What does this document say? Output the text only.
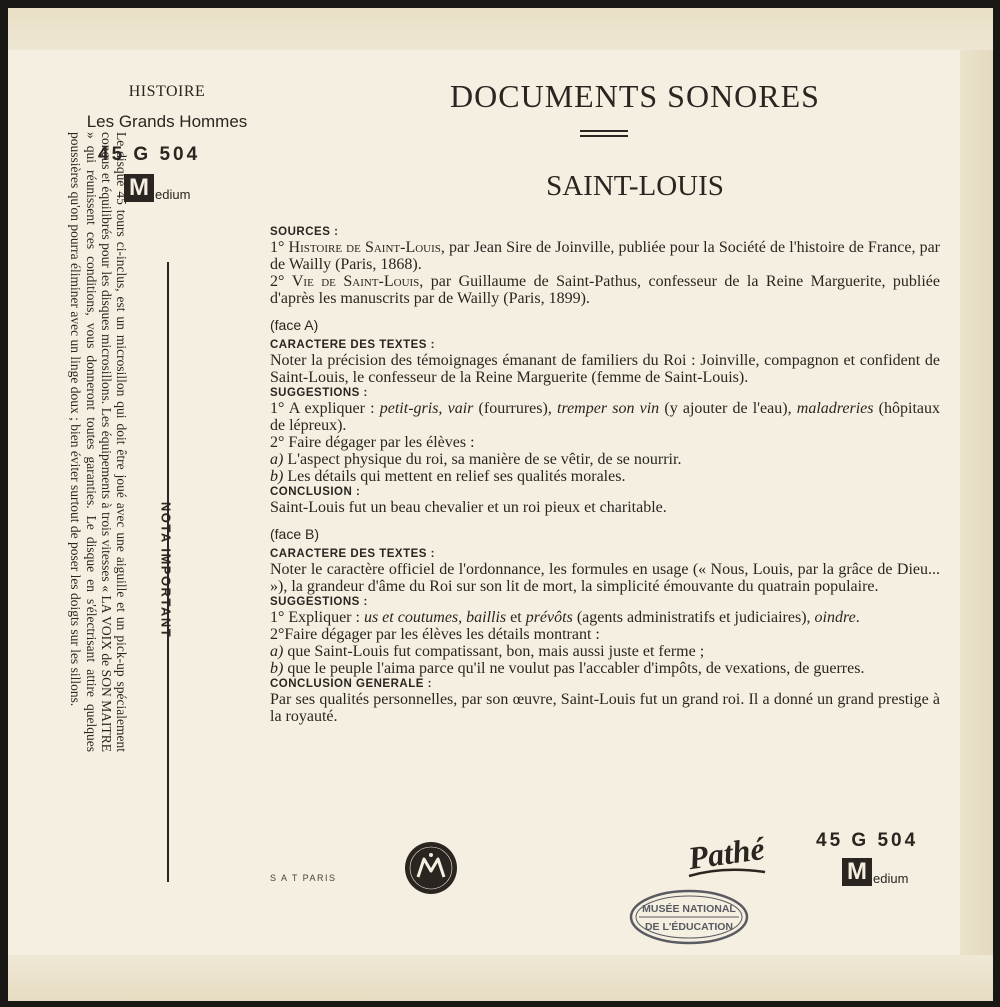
HISTOIRE
Les Grands Hommes
45 G 504
M edium
NOTA IMPORTANT
Le disque 45 tours ci-inclus, est un microsillon qui doit être joué avec une aiguille et un pick-up spécialement conçus et équilibrés pour les disques microsillons. Les équipements à trois vitesses « LA VOIX de SON MAITRE » qui réunissent ces conditions, vous donneront toutes garanties. Le disque en s'électrisant attire quelques poussières qu'on pourra éliminer avec un linge doux ; bien éviter surtout de poser les doigts sur les sillons.
DOCUMENTS SONORES
SAINT-LOUIS
SOURCES :
1° Histoire de Saint-Louis, par Jean Sire de Joinville, publiée pour la Société de l'histoire de France, par de Wailly (Paris, 1868).
2° Vie de Saint-Louis, par Guillaume de Saint-Pathus, confesseur de la Reine Marguerite, publiée d'après les manuscrits par de Wailly (Paris, 1899).
(face A)
CARACTERE DES TEXTES :
Noter la précision des témoignages émanant de familiers du Roi : Joinville, compagnon et confident de Saint-Louis, le confesseur de la Reine Marguerite (femme de Saint-Louis).
SUGGESTIONS :
1° A expliquer : petit-gris, vair (fourrures), tremper son vin (y ajouter de l'eau), maladreries (hôpitaux de lépreux).
2° Faire dégager par les élèves :
a) L'aspect physique du roi, sa manière de se vêtir, de se nourrir.
b) Les détails qui mettent en relief ses qualités morales.
CONCLUSION :
Saint-Louis fut un beau chevalier et un roi pieux et charitable.
(face B)
CARACTERE DES TEXTES :
Noter le caractère officiel de l'ordonnance, les formules en usage (« Nous, Louis, par la grâce de Dieu... »), la grandeur d'âme du Roi sur son lit de mort, la simplicité émouvante du quatrain populaire.
SUGGESTIONS :
1° Expliquer : us et coutumes, baillis et prévôts (agents administratifs et judiciaires), oindre.
2°Faire dégager par les élèves les détails montrant :
a) que Saint-Louis fut compatissant, bon, mais aussi juste et ferme ;
b) que le peuple l'aima parce qu'il ne voulut pas l'accabler d'impôts, de vexations, de guerres.
CONCLUSION GENERALE :
Par ses qualités personnelles, par son œuvre, Saint-Louis fut un grand roi. Il a donné un grand prestige à la royauté.
S A T PARIS
Pathé	45 G 504
M edium
MUSÉE NATIONAL
DE L'ÉDUCATION
